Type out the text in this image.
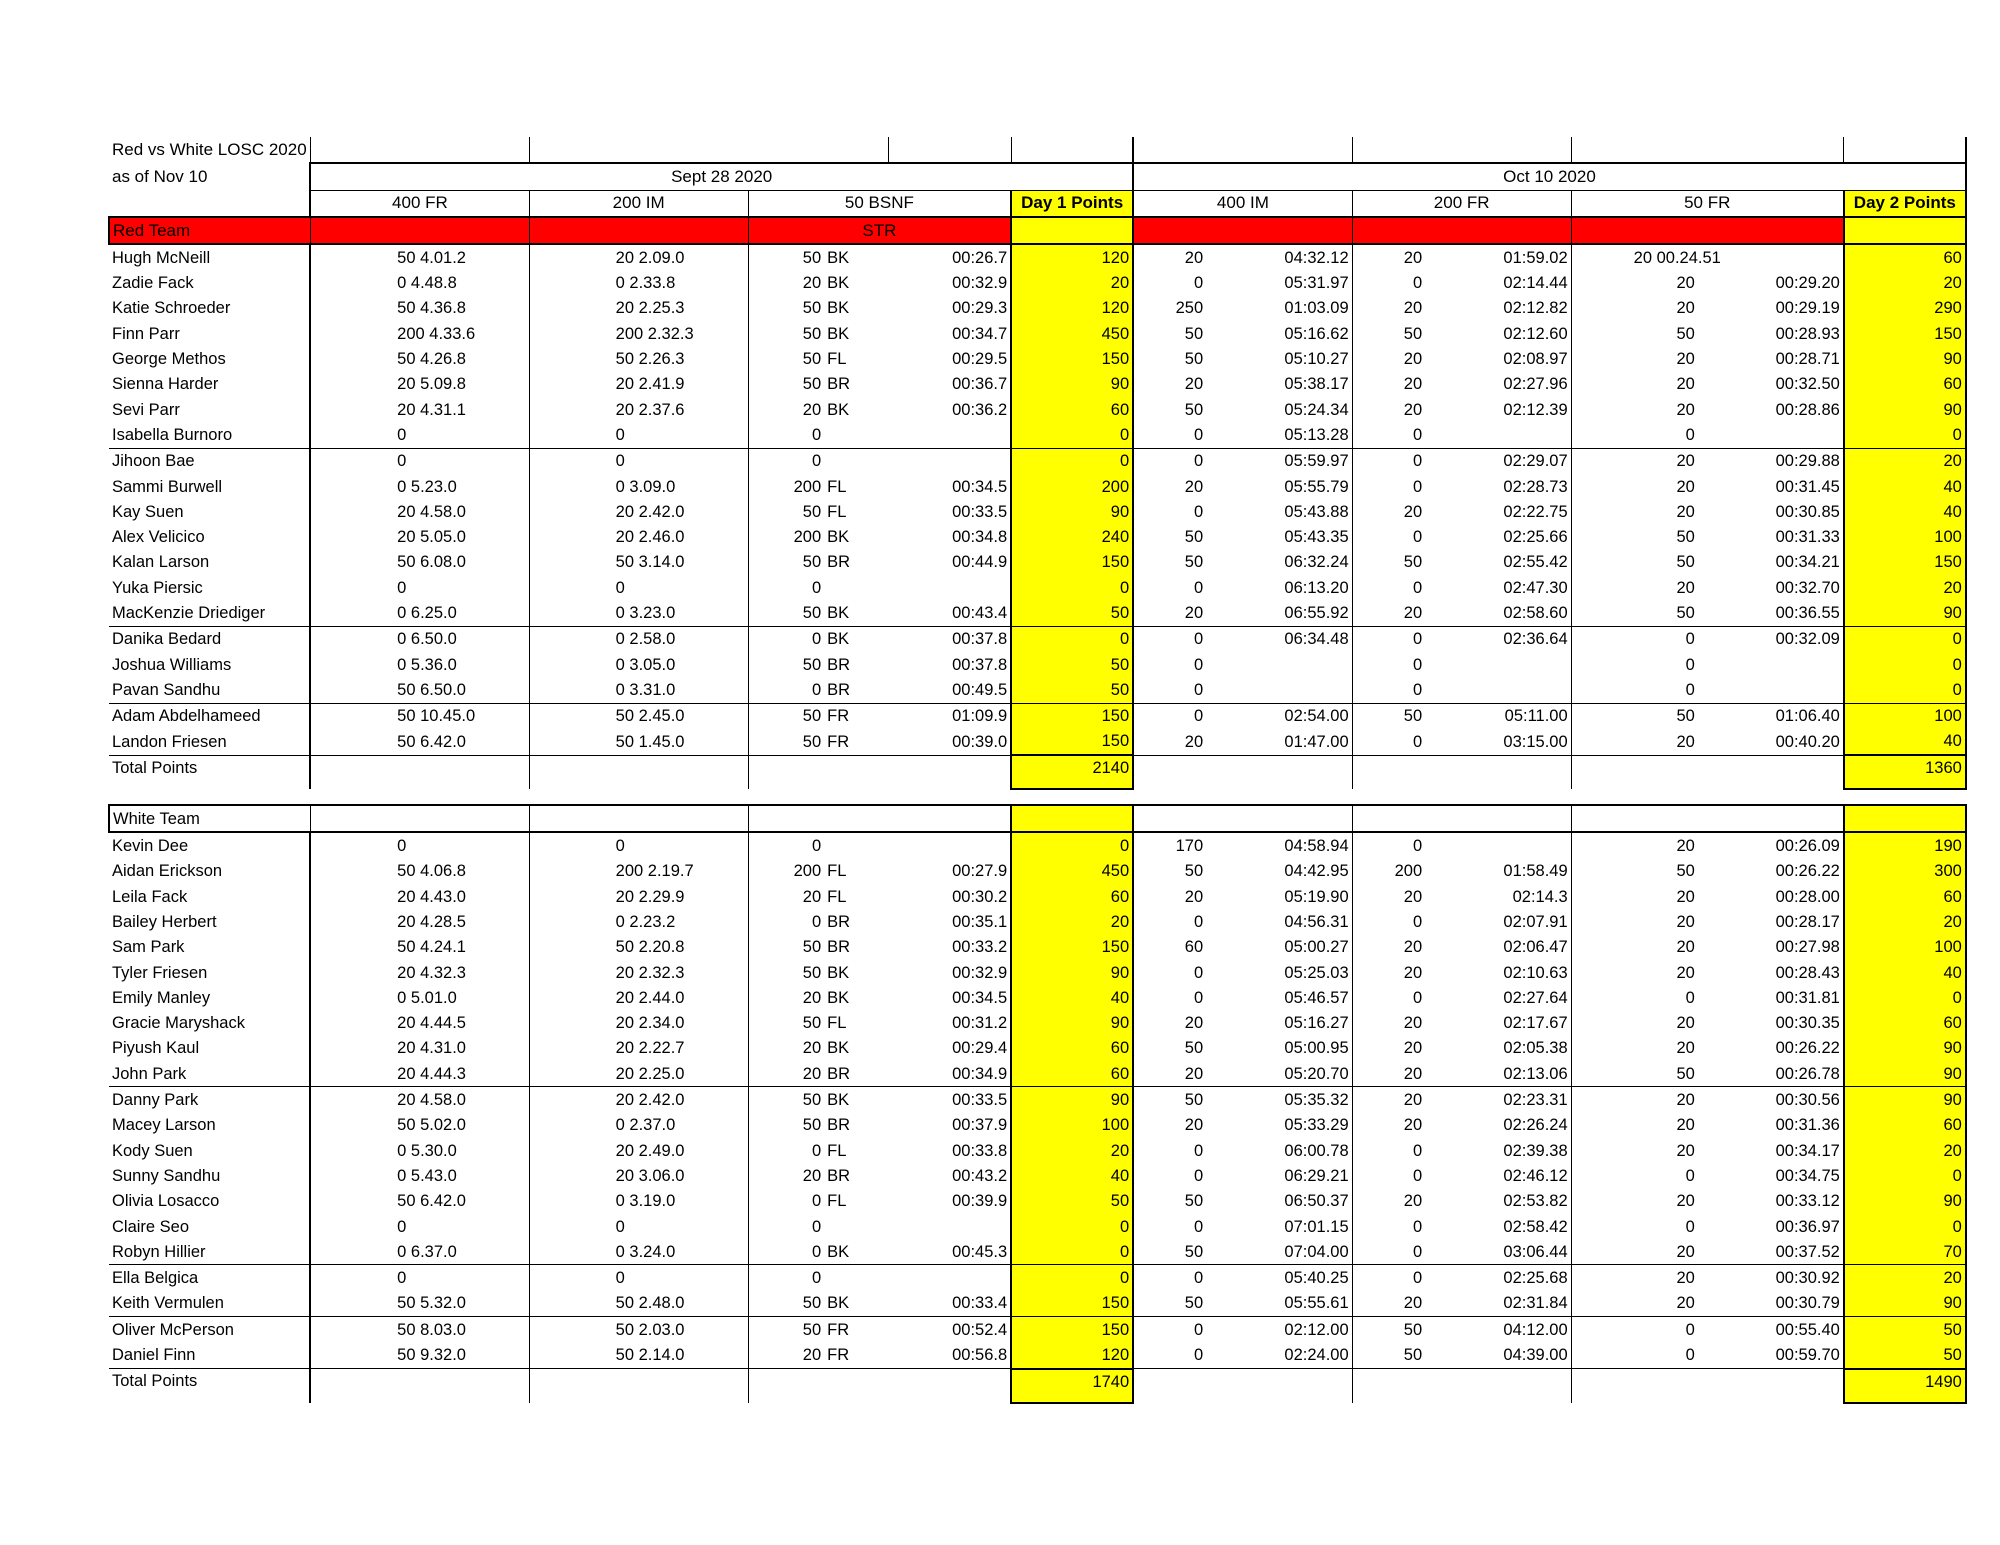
Red vs White LOSC 2020													
as of Nov 10	Sept 28 2020						Oct 10 2020						
	400 FR	200 IM	50 BSNF			Day 1 Points	400 IM		200 FR		50 FR		Day 2 Points
Red Team			STR										
Hugh McNeill	50 4.01.2	20 2.09.0	50	BK	00:26.7	120	20	04:32.12	20	01:59.02	20 00.24.51		60
Zadie Fack	0 4.48.8	0 2.33.8	20	BK	00:32.9	20	0	05:31.97	0	02:14.44	20	00:29.20	20
Katie Schroeder	50 4.36.8	20 2.25.3	50	BK	00:29.3	120	250	01:03.09	20	02:12.82	20	00:29.19	290
Finn Parr	200 4.33.6	200 2.32.3	50	BK	00:34.7	450	50	05:16.62	50	02:12.60	50	00:28.93	150
George Methos	50 4.26.8	50 2.26.3	50	FL	00:29.5	150	50	05:10.27	20	02:08.97	20	00:28.71	90
Sienna Harder	20 5.09.8	20 2.41.9	50	BR	00:36.7	90	20	05:38.17	20	02:27.96	20	00:32.50	60
Sevi Parr	20 4.31.1	20 2.37.6	20	BK	00:36.2	60	50	05:24.34	20	02:12.39	20	00:28.86	90
Isabella Burnoro	0	0	0			0	0	05:13.28	0		0		0
Jihoon Bae	0	0	0			0	0	05:59.97	0	02:29.07	20	00:29.88	20
Sammi Burwell	0 5.23.0	0 3.09.0	200	FL	00:34.5	200	20	05:55.79	0	02:28.73	20	00:31.45	40
Kay Suen	20 4.58.0	20 2.42.0	50	FL	00:33.5	90	0	05:43.88	20	02:22.75	20	00:30.85	40
Alex Velicico	20 5.05.0	20 2.46.0	200	BK	00:34.8	240	50	05:43.35	0	02:25.66	50	00:31.33	100
Kalan Larson	50 6.08.0	50 3.14.0	50	BR	00:44.9	150	50	06:32.24	50	02:55.42	50	00:34.21	150
Yuka Piersic	0	0	0			0	0	06:13.20	0	02:47.30	20	00:32.70	20
MacKenzie Driediger	0 6.25.0	0 3.23.0	50	BK	00:43.4	50	20	06:55.92	20	02:58.60	50	00:36.55	90
Danika Bedard	0 6.50.0	0 2.58.0	0	BK	00:37.8	0	0	06:34.48	0	02:36.64	0	00:32.09	0
Joshua Williams	0 5.36.0	0 3.05.0	50	BR	00:37.8	50	0		0		0		0
Pavan Sandhu	50 6.50.0	0 3.31.0	0	BR	00:49.5	50	0		0		0		0
Adam Abdelhameed	50 10.45.0	50 2.45.0	50	FR	01:09.9	150	0	02:54.00	50	05:11.00	50	01:06.40	100
Landon Friesen	50 6.42.0	50 1.45.0	50	FR	00:39.0	150	20	01:47.00	0	03:15.00	20	00:40.20	40
Total Points						2140							1360

White Team													
Kevin Dee	0	0	0			0	170	04:58.94	0		20	00:26.09	190
Aidan Erickson	50 4.06.8	200 2.19.7	200	FL	00:27.9	450	50	04:42.95	200	01:58.49	50	00:26.22	300
Leila Fack	20 4.43.0	20 2.29.9	20	FL	00:30.2	60	20	05:19.90	20	02:14.3	20	00:28.00	60
Bailey Herbert	20 4.28.5	0 2.23.2	0	BR	00:35.1	20	0	04:56.31	0	02:07.91	20	00:28.17	20
Sam Park	50 4.24.1	50 2.20.8	50	BR	00:33.2	150	60	05:00.27	20	02:06.47	20	00:27.98	100
Tyler Friesen	20 4.32.3	20 2.32.3	50	BK	00:32.9	90	0	05:25.03	20	02:10.63	20	00:28.43	40
Emily Manley	0 5.01.0	20 2.44.0	20	BK	00:34.5	40	0	05:46.57	0	02:27.64	0	00:31.81	0
Gracie Maryshack	20 4.44.5	20 2.34.0	50	FL	00:31.2	90	20	05:16.27	20	02:17.67	20	00:30.35	60
Piyush Kaul	20 4.31.0	20 2.22.7	20	BK	00:29.4	60	50	05:00.95	20	02:05.38	20	00:26.22	90
John Park	20 4.44.3	20 2.25.0	20	BR	00:34.9	60	20	05:20.70	20	02:13.06	50	00:26.78	90
Danny Park	20 4.58.0	20 2.42.0	50	BK	00:33.5	90	50	05:35.32	20	02:23.31	20	00:30.56	90
Macey Larson	50 5.02.0	0 2.37.0	50	BR	00:37.9	100	20	05:33.29	20	02:26.24	20	00:31.36	60
Kody Suen	0 5.30.0	20 2.49.0	0	FL	00:33.8	20	0	06:00.78	0	02:39.38	20	00:34.17	20
Sunny Sandhu	0 5.43.0	20 3.06.0	20	BR	00:43.2	40	0	06:29.21	0	02:46.12	0	00:34.75	0
Olivia Losacco	50 6.42.0	0 3.19.0	0	FL	00:39.9	50	50	06:50.37	20	02:53.82	20	00:33.12	90
Claire Seo	0	0	0			0	0	07:01.15	0	02:58.42	0	00:36.97	0
Robyn Hillier	0 6.37.0	0 3.24.0	0	BK	00:45.3	0	50	07:04.00	0	03:06.44	20	00:37.52	70
Ella Belgica	0	0	0			0	0	05:40.25	0	02:25.68	20	00:30.92	20
Keith Vermulen	50 5.32.0	50 2.48.0	50	BK	00:33.4	150	50	05:55.61	20	02:31.84	20	00:30.79	90
Oliver McPerson	50 8.03.0	50 2.03.0	50	FR	00:52.4	150	0	02:12.00	50	04:12.00	0	00:55.40	50
Daniel Finn	50 9.32.0	50 2.14.0	20	FR	00:56.8	120	0	02:24.00	50	04:39.00	0	00:59.70	50
Total Points						1740							1490
